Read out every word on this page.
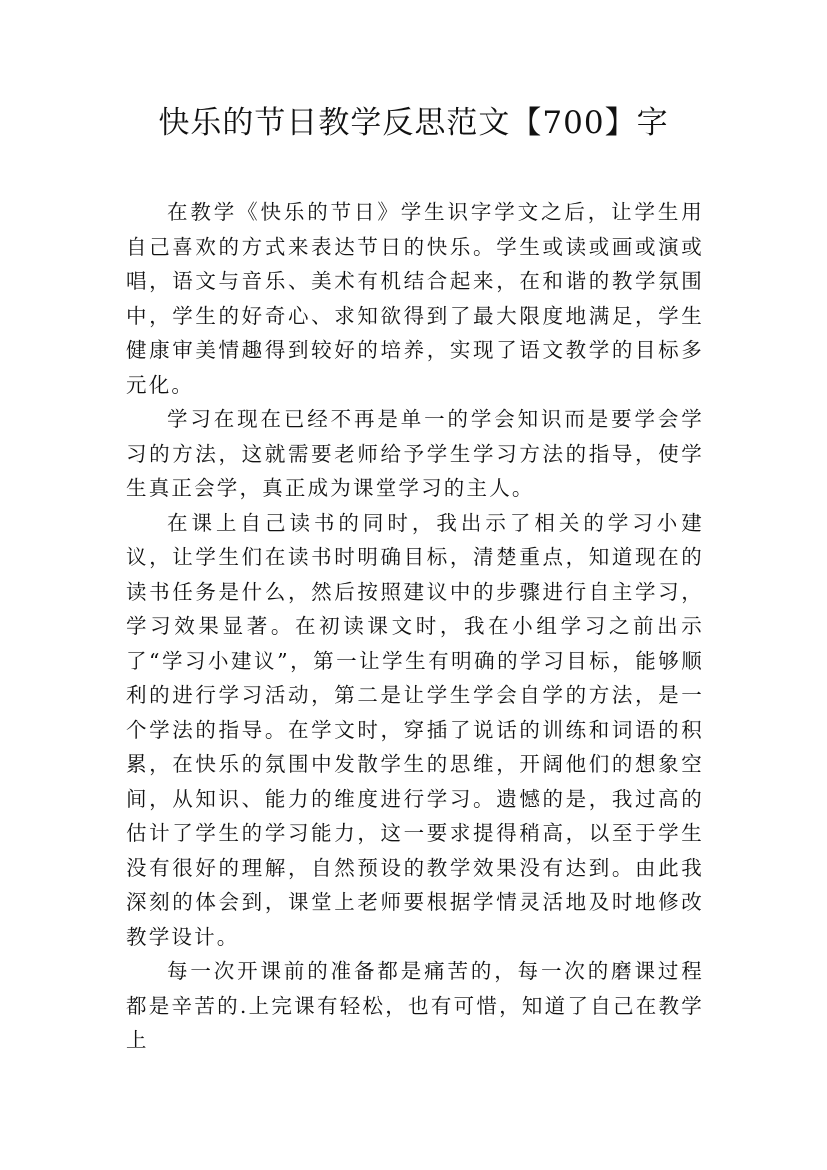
快乐的节日教学反思范文【700】字

在教学《快乐的节日》学生识字学文之后，让学生用自己喜欢的方式来表达节日的快乐。学生或读或画或演或唱，语文与音乐、美术有机结合起来，在和谐的教学氛围中，学生的好奇心、求知欲得到了最大限度地满足，学生健康审美情趣得到较好的培养，实现了语文教学的目标多元化。

学习在现在已经不再是单一的学会知识而是要学会学习的方法，这就需要老师给予学生学习方法的指导，使学生真正会学，真正成为课堂学习的主人。

在课上自己读书的同时，我出示了相关的学习小建议，让学生们在读书时明确目标，清楚重点，知道现在的读书任务是什么，然后按照建议中的步骤进行自主学习，学习效果显著。在初读课文时，我在小组学习之前出示了“学习小建议”，第一让学生有明确的学习目标，能够顺利的进行学习活动，第二是让学生学会自学的方法，是一个学法的指导。在学文时，穿插了说话的训练和词语的积累，在快乐的氛围中发散学生的思维，开阔他们的想象空间，从知识、能力的维度进行学习。遗憾的是，我过高的估计了学生的学习能力，这一要求提得稍高，以至于学生没有很好的理解，自然预设的教学效果没有达到。由此我深刻的体会到，课堂上老师要根据学情灵活地及时地修改教学设计。

每一次开课前的准备都是痛苦的，每一次的磨课过程都是辛苦的.上完课有轻松，也有可惜，知道了自己在教学上
